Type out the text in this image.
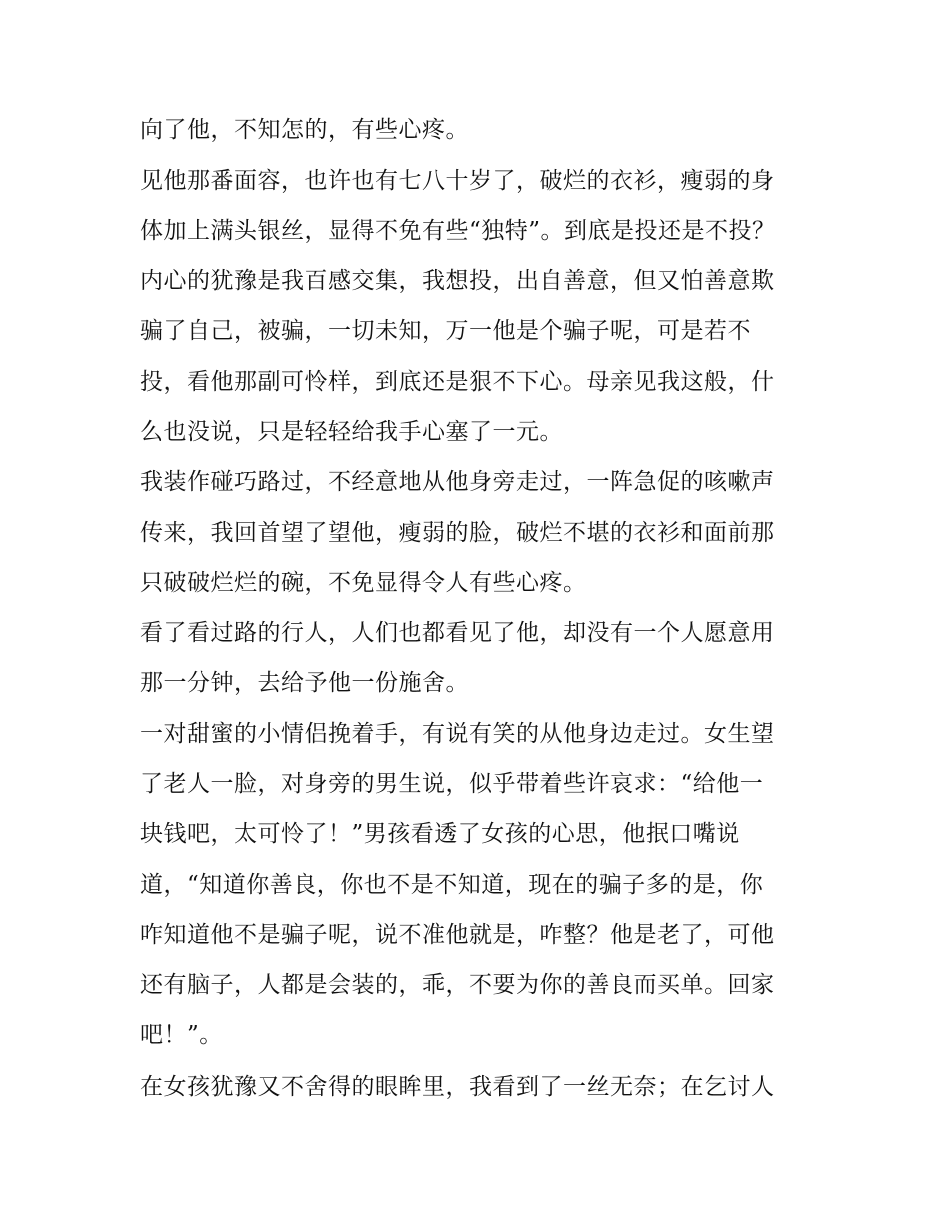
向了他，不知怎的，有些心疼。
见他那番面容，也许也有七八十岁了，破烂的衣衫，瘦弱的身
体加上满头银丝，显得不免有些“独特”。到底是投还是不投？
内心的犹豫是我百感交集，我想投，出自善意，但又怕善意欺
骗了自己，被骗，一切未知，万一他是个骗子呢，可是若不
投，看他那副可怜样，到底还是狠不下心。母亲见我这般，什
么也没说，只是轻轻给我手心塞了一元。
我装作碰巧路过，不经意地从他身旁走过，一阵急促的咳嗽声
传来，我回首望了望他，瘦弱的脸，破烂不堪的衣衫和面前那
只破破烂烂的碗，不免显得令人有些心疼。
看了看过路的行人，人们也都看见了他，却没有一个人愿意用
那一分钟，去给予他一份施舍。
一对甜蜜的小情侣挽着手，有说有笑的从他身边走过。女生望
了老人一脸，对身旁的男生说，似乎带着些许哀求：“给他一
块钱吧，太可怜了！”男孩看透了女孩的心思，他抿口嘴说
道，“知道你善良，你也不是不知道，现在的骗子多的是，你
咋知道他不是骗子呢，说不准他就是，咋整？他是老了，可他
还有脑子，人都是会装的，乖，不要为你的善良而买单。回家
吧！”。
在女孩犹豫又不舍得的眼眸里，我看到了一丝无奈；在乞讨人
